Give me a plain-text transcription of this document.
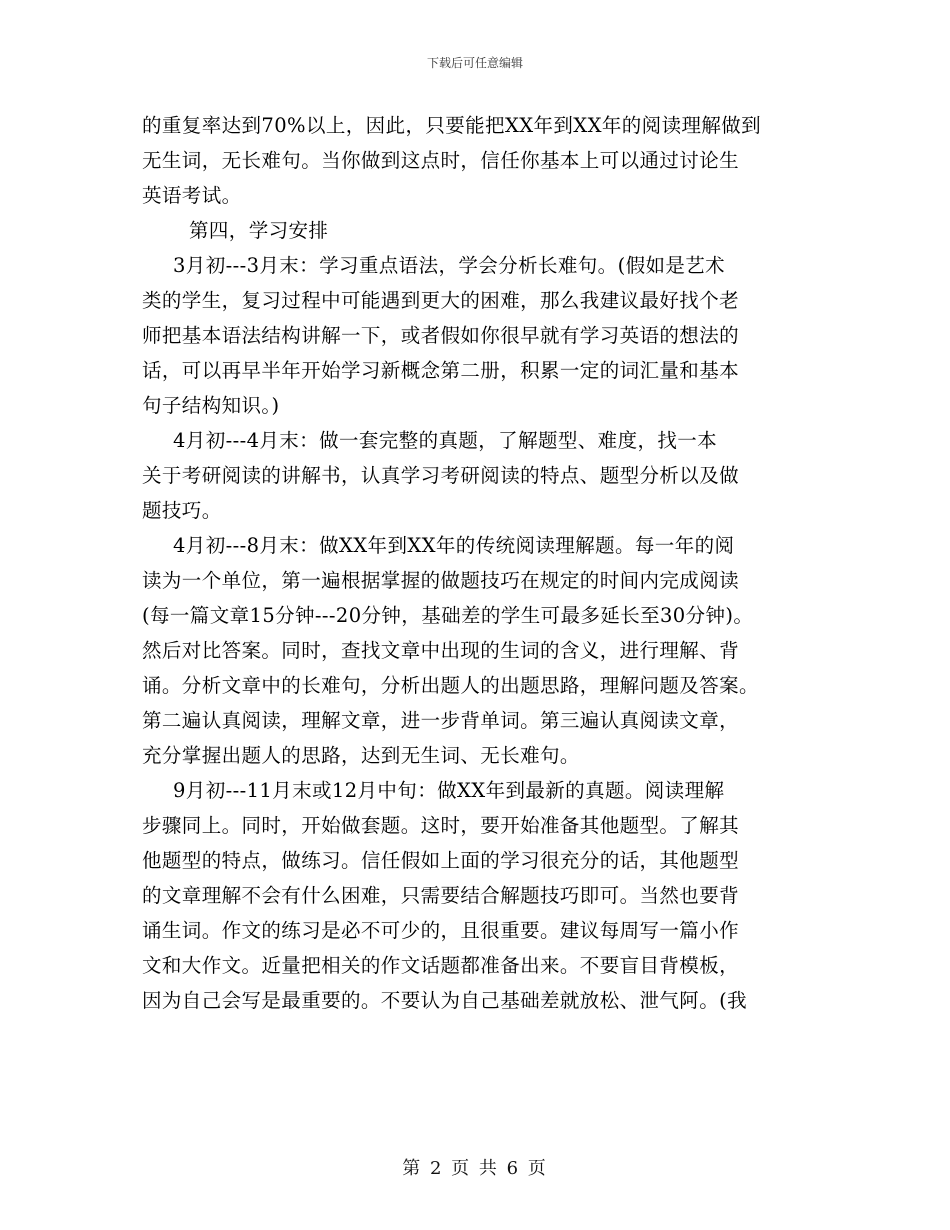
下载后可任意编辑
的重复率达到70%以上，因此，只要能把XX年到XX年的阅读理解做到
无生词，无长难句。当你做到这点时，信任你基本上可以通过讨论生
英语考试。
第四，学习安排
3月初---3月末：学习重点语法，学会分析长难句。(假如是艺术
类的学生，复习过程中可能遇到更大的困难，那么我建议最好找个老
师把基本语法结构讲解一下，或者假如你很早就有学习英语的想法的
话，可以再早半年开始学习新概念第二册，积累一定的词汇量和基本
句子结构知识。)
4月初---4月末：做一套完整的真题，了解题型、难度，找一本
关于考研阅读的讲解书，认真学习考研阅读的特点、题型分析以及做
题技巧。
4月初---8月末：做XX年到XX年的传统阅读理解题。每一年的阅
读为一个单位，第一遍根据掌握的做题技巧在规定的时间内完成阅读
(每一篇文章15分钟---20分钟，基础差的学生可最多延长至30分钟)。
然后对比答案。同时，查找文章中出现的生词的含义，进行理解、背
诵。分析文章中的长难句，分析出题人的出题思路，理解问题及答案。
第二遍认真阅读，理解文章，进一步背单词。第三遍认真阅读文章，
充分掌握出题人的思路，达到无生词、无长难句。
9月初---11月末或12月中旬：做XX年到最新的真题。阅读理解
步骤同上。同时，开始做套题。这时，要开始准备其他题型。了解其
他题型的特点，做练习。信任假如上面的学习很充分的话，其他题型
的文章理解不会有什么困难，只需要结合解题技巧即可。当然也要背
诵生词。作文的练习是必不可少的，且很重要。建议每周写一篇小作
文和大作文。近量把相关的作文话题都准备出来。不要盲目背模板，
因为自己会写是最重要的。不要认为自己基础差就放松、泄气阿。(我
第 2 页 共 6 页
